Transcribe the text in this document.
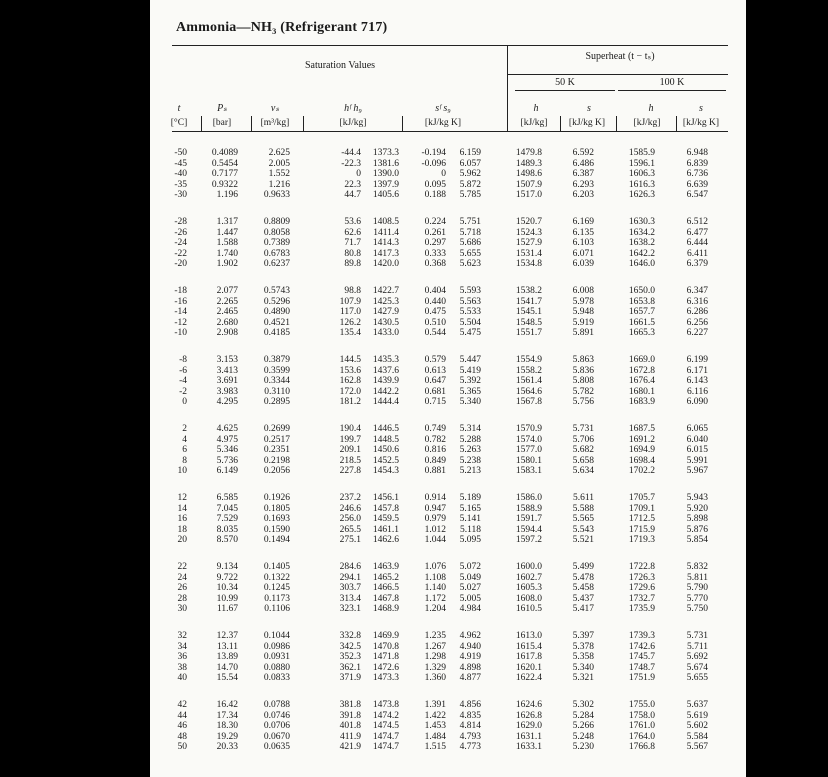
Ammonia—NH₃ (Refrigerant 717)
Saturation Values
Superheat (t − tₛ)
50 K	100 K
t	Pₛ	vₛ	hᶠ h₉	sᶠ s₉	h	s	h	s
[°C]	[bar]	[m³/kg]	[kJ/kg]	[kJ/kg K]	[kJ/kg] [kJ/kg K]	[kJ/kg] [kJ/kg K]
-50	0.4089	2.625	-44.4	1373.3	-0.194	6.159	1479.8	6.592	1585.9	6.948
-45	0.5454	2.005	-22.3	1381.6	-0.096	6.057	1489.3	6.486	1596.1	6.839
-40	0.7177	1.552	0	1390.0	0	5.962	1498.6	6.387	1606.3	6.736
-35	0.9322	1.216	22.3	1397.9	0.095	5.872	1507.9	6.293	1616.3	6.639
-30	1.196	0.9633	44.7	1405.6	0.188	5.785	1517.0	6.203	1626.3	6.547
-28	1.317	0.8809	53.6	1408.5	0.224	5.751	1520.7	6.169	1630.3	6.512
-26	1.447	0.8058	62.6	1411.4	0.261	5.718	1524.3	6.135	1634.2	6.477
-24	1.588	0.7389	71.7	1414.3	0.297	5.686	1527.9	6.103	1638.2	6.444
-22	1.740	0.6783	80.8	1417.3	0.333	5.655	1531.4	6.071	1642.2	6.411
-20	1.902	0.6237	89.8	1420.0	0.368	5.623	1534.8	6.039	1646.0	6.379
-18	2.077	0.5743	98.8	1422.7	0.404	5.593	1538.2	6.008	1650.0	6.347
-16	2.265	0.5296	107.9	1425.3	0.440	5.563	1541.7	5.978	1653.8	6.316
-14	2.465	0.4890	117.0	1427.9	0.475	5.533	1545.1	5.948	1657.7	6.286
-12	2.680	0.4521	126.2	1430.5	0.510	5.504	1548.5	5.919	1661.5	6.256
-10	2.908	0.4185	135.4	1433.0	0.544	5.475	1551.7	5.891	1665.3	6.227
-8	3.153	0.3879	144.5	1435.3	0.579	5.447	1554.9	5.863	1669.0	6.199
-6	3.413	0.3599	153.6	1437.6	0.613	5.419	1558.2	5.836	1672.8	6.171
-4	3.691	0.3344	162.8	1439.9	0.647	5.392	1561.4	5.808	1676.4	6.143
-2	3.983	0.3110	172.0	1442.2	0.681	5.365	1564.6	5.782	1680.1	6.116
0	4.295	0.2895	181.2	1444.4	0.715	5.340	1567.8	5.756	1683.9	6.090
2	4.625	0.2699	190.4	1446.5	0.749	5.314	1570.9	5.731	1687.5	6.065
4	4.975	0.2517	199.7	1448.5	0.782	5.288	1574.0	5.706	1691.2	6.040
6	5.346	0.2351	209.1	1450.6	0.816	5.263	1577.0	5.682	1694.9	6.015
8	5.736	0.2198	218.5	1452.5	0.849	5.238	1580.1	5.658	1698.4	5.991
10	6.149	0.2056	227.8	1454.3	0.881	5.213	1583.1	5.634	1702.2	5.967
12	6.585	0.1926	237.2	1456.1	0.914	5.189	1586.0	5.611	1705.7	5.943
14	7.045	0.1805	246.6	1457.8	0.947	5.165	1588.9	5.588	1709.1	5.920
16	7.529	0.1693	256.0	1459.5	0.979	5.141	1591.7	5.565	1712.5	5.898
18	8.035	0.1590	265.5	1461.1	1.012	5.118	1594.4	5.543	1715.9	5.876
20	8.570	0.1494	275.1	1462.6	1.044	5.095	1597.2	5.521	1719.3	5.854
22	9.134	0.1405	284.6	1463.9	1.076	5.072	1600.0	5.499	1722.8	5.832
24	9.722	0.1322	294.1	1465.2	1.108	5.049	1602.7	5.478	1726.3	5.811
26	10.34	0.1245	303.7	1466.5	1.140	5.027	1605.3	5.458	1729.6	5.790
28	10.99	0.1173	313.4	1467.8	1.172	5.005	1608.0	5.437	1732.7	5.770
30	11.67	0.1106	323.1	1468.9	1.204	4.984	1610.5	5.417	1735.9	5.750
32	12.37	0.1044	332.8	1469.9	1.235	4.962	1613.0	5.397	1739.3	5.731
34	13.11	0.0986	342.5	1470.8	1.267	4.940	1615.4	5.378	1742.6	5.711
36	13.89	0.0931	352.3	1471.8	1.298	4.919	1617.8	5.358	1745.7	5.692
38	14.70	0.0880	362.1	1472.6	1.329	4.898	1620.1	5.340	1748.7	5.674
40	15.54	0.0833	371.9	1473.3	1.360	4.877	1622.4	5.321	1751.9	5.655
42	16.42	0.0788	381.8	1473.8	1.391	4.856	1624.6	5.302	1755.0	5.637
44	17.34	0.0746	391.8	1474.2	1.422	4.835	1626.8	5.284	1758.0	5.619
46	18.30	0.0706	401.8	1474.5	1.453	4.814	1629.0	5.266	1761.0	5.602
48	19.29	0.0670	411.9	1474.7	1.484	4.793	1631.1	5.248	1764.0	5.584
50	20.33	0.0635	421.9	1474.7	1.515	4.773	1633.1	5.230	1766.8	5.567
